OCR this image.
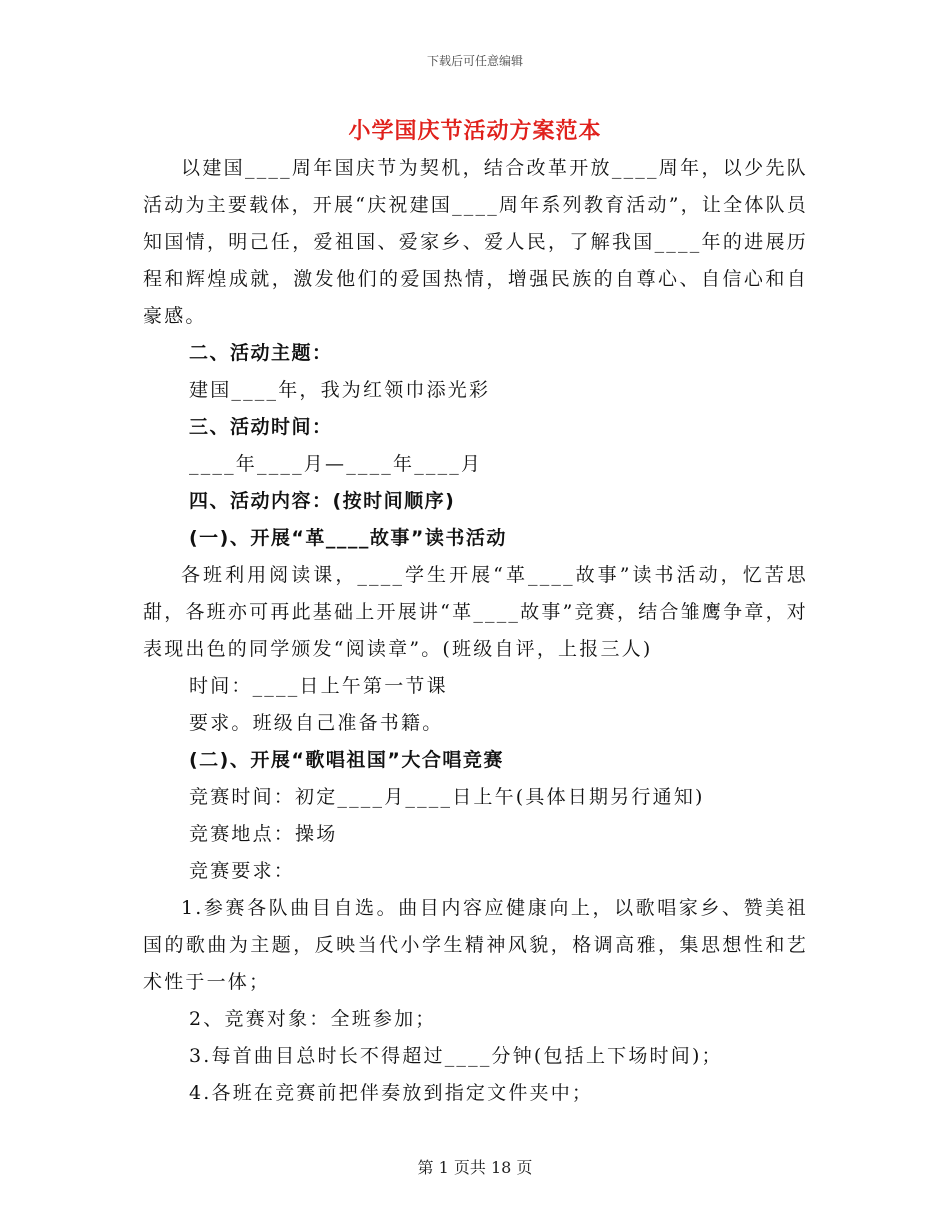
下载后可任意编辑
小学国庆节活动方案范本

以建国____周年国庆节为契机，结合改革开放____周年，以少先队活动为主要载体，开展“庆祝建国____周年系列教育活动”，让全体队员知国情，明己任，爱祖国、爱家乡、爱人民，了解我国____年的进展历程和辉煌成就，激发他们的爱国热情，增强民族的自尊心、自信心和自豪感。

二、活动主题：

建国____年，我为红领巾添光彩

三、活动时间：

____年____月—____年____月

四、活动内容：(按时间顺序)

(一)、开展“革____故事”读书活动

各班利用阅读课，____学生开展“革____故事”读书活动，忆苦思甜，各班亦可再此基础上开展讲“革____故事”竞赛，结合雏鹰争章，对表现出色的同学颁发“阅读章”。(班级自评，上报三人)

时间：____日上午第一节课

要求。班级自己准备书籍。

(二)、开展“歌唱祖国”大合唱竞赛

竞赛时间：初定____月____日上午(具体日期另行通知)

竞赛地点：操场

竞赛要求：

1.参赛各队曲目自选。曲目内容应健康向上，以歌唱家乡、赞美祖国的歌曲为主题，反映当代小学生精神风貌，格调高雅，集思想性和艺术性于一体；

2、竞赛对象：全班参加；

3.每首曲目总时长不得超过____分钟(包括上下场时间)；

4.各班在竞赛前把伴奏放到指定文件夹中；

第 1 页共 18 页
